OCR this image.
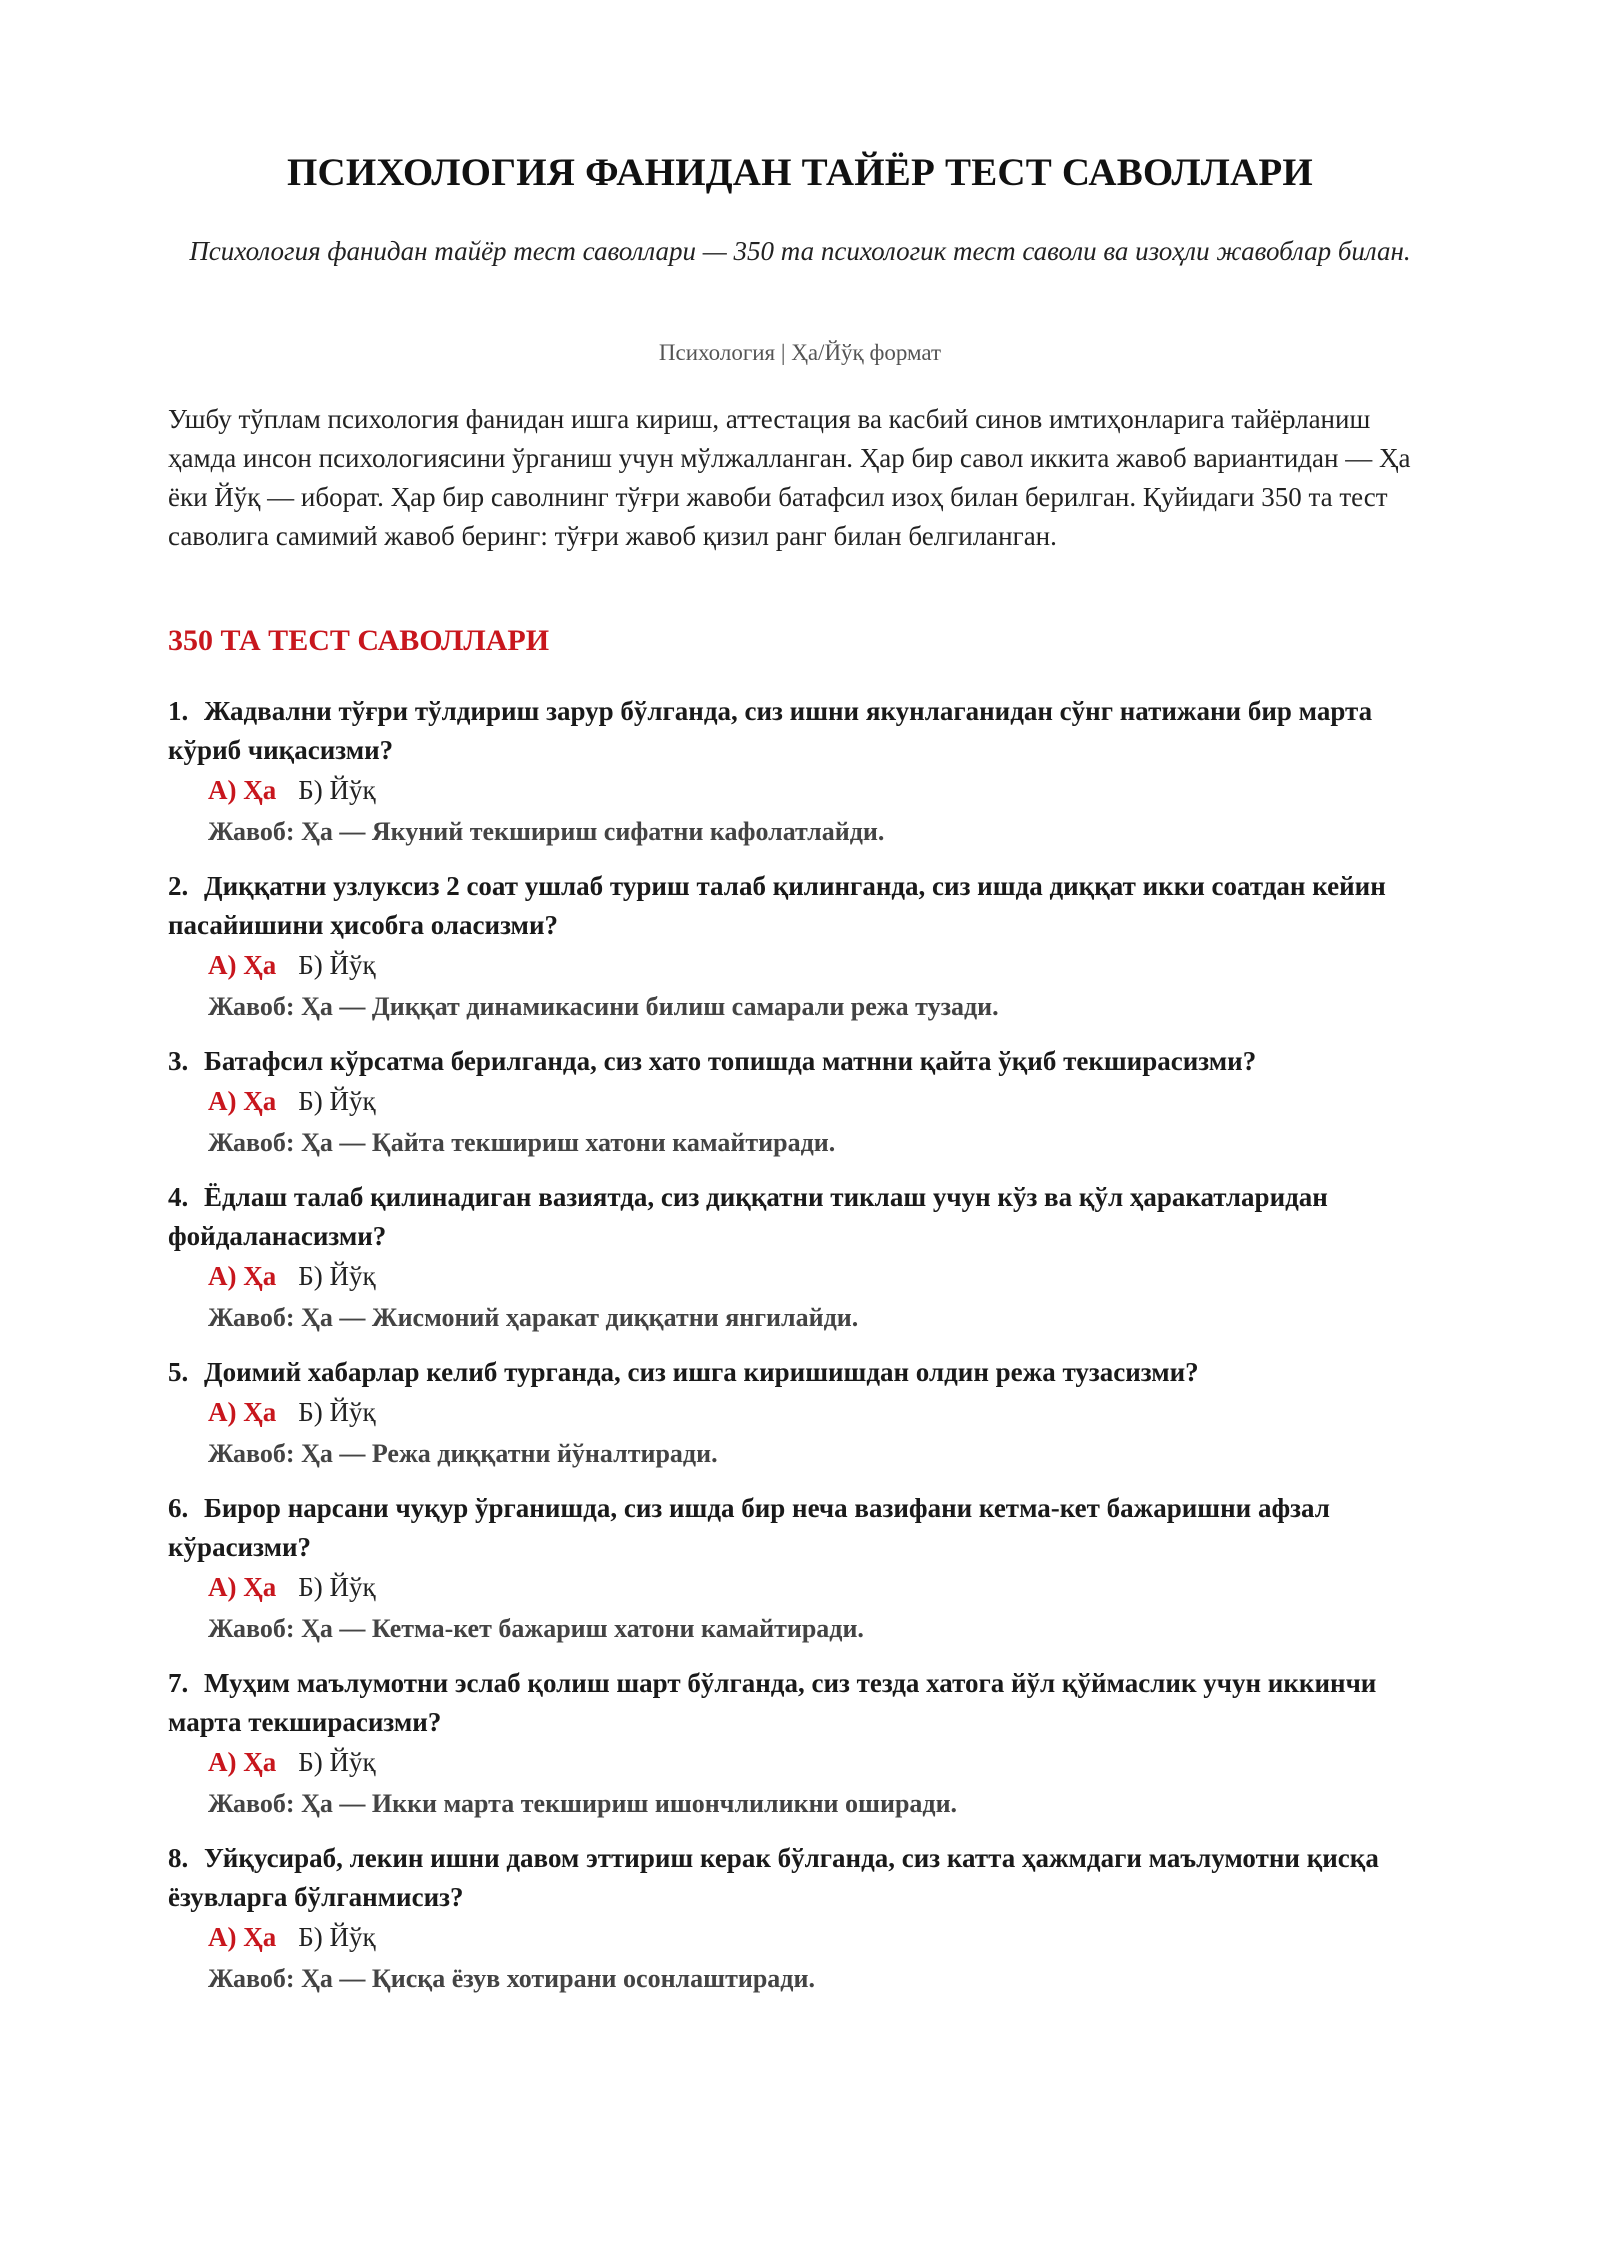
ПСИХОЛОГИЯ ФАНИДАН ТАЙЁР ТЕСТ САВОЛЛАРИ
Психология фанидан тайёр тест саволлари — 350 та психологик тест саволи ва изоҳли жавоблар билан.
Психология | Ҳа/Йўқ формат
Ушбу тўплам психология фанидан ишга кириш, аттестация ва касбий синов имтиҳонларига тайёрланиш ҳамда инсон психологиясини ўрганиш учун мўлжалланган. Ҳар бир савол иккита жавоб вариантидан — Ҳа ёки Йўқ — иборат. Ҳар бир саволнинг тўғри жавоби батафсил изоҳ билан берилган. Қуйидаги 350 та тест саволига самимий жавоб беринг: тўғри жавоб қизил ранг билан белгиланган.
350 ТА ТЕСТ САВОЛЛАРИ
1. Жадвални тўғри тўлдириш зарур бўлганда, сиз ишни якунлаганидан сўнг натижани бир марта кўриб чиқасизми?
А) Ҳа Б) Йўқ
Жавоб: Ҳа — Якуний текшириш сифатни кафолатлайди.
2. Диққатни узлуксиз 2 соат ушлаб туриш талаб қилинганда, сиз ишда диққат икки соатдан кейин пасайишини ҳисобга оласизми?
А) Ҳа Б) Йўқ
Жавоб: Ҳа — Диққат динамикасини билиш самарали режа тузади.
3. Батафсил кўрсатма берилганда, сиз хато топишда матнни қайта ўқиб текширасизми?
А) Ҳа Б) Йўқ
Жавоб: Ҳа — Қайта текшириш хатони камайтиради.
4. Ёдлаш талаб қилинадиган вазиятда, сиз диққатни тиклаш учун кўз ва қўл ҳаракатларидан фойдаланасизми?
А) Ҳа Б) Йўқ
Жавоб: Ҳа — Жисмоний ҳаракат диққатни янгилайди.
5. Доимий хабарлар келиб турганда, сиз ишга киришишдан олдин режа тузасизми?
А) Ҳа Б) Йўқ
Жавоб: Ҳа — Режа диққатни йўналтиради.
6. Бирор нарсани чуқур ўрганишда, сиз ишда бир неча вазифани кетма-кет бажаришни афзал кўрасизми?
А) Ҳа Б) Йўқ
Жавоб: Ҳа — Кетма-кет бажариш хатони камайтиради.
7. Муҳим маълумотни эслаб қолиш шарт бўлганда, сиз тезда хатога йўл қўймаслик учун иккинчи марта текширасизми?
А) Ҳа Б) Йўқ
Жавоб: Ҳа — Икки марта текшириш ишончлиликни оширади.
8. Уйқусираб, лекин ишни давом эттириш керак бўлганда, сиз катта ҳажмдаги маълумотни қисқа ёзувларга бўлганмисиз?
А) Ҳа Б) Йўқ
Жавоб: Ҳа — Қисқа ёзув хотирани осонлаштиради.
